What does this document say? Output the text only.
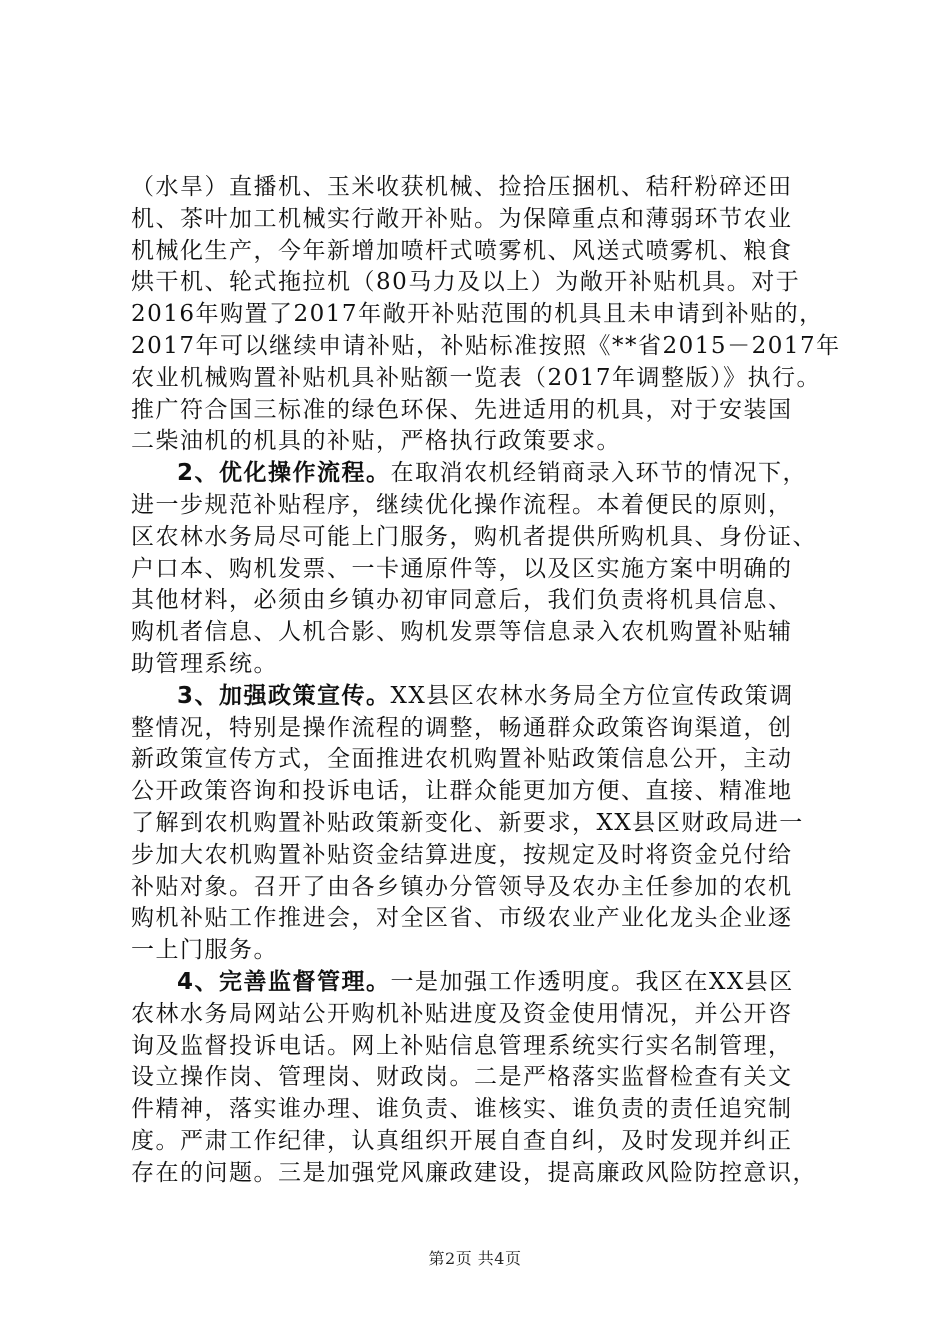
（水旱）直播机、玉米收获机械、捡拾压捆机、秸秆粉碎还田
机、茶叶加工机械实行敞开补贴。为保障重点和薄弱环节农业
机械化生产，今年新增加喷杆式喷雾机、风送式喷雾机、粮食
烘干机、轮式拖拉机（80马力及以上）为敞开补贴机具。对于
2016年购置了2017年敞开补贴范围的机具且未申请到补贴的，
2017年可以继续申请补贴，补贴标准按照《**省2015－2017年
农业机械购置补贴机具补贴额一览表（2017年调整版）》执行。
推广符合国三标准的绿色环保、先进适用的机具，对于安装国
二柴油机的机具的补贴，严格执行政策要求。
2、优化操作流程。在取消农机经销商录入环节的情况下，
进一步规范补贴程序，继续优化操作流程。本着便民的原则，
区农林水务局尽可能上门服务，购机者提供所购机具、身份证、
户口本、购机发票、一卡通原件等，以及区实施方案中明确的
其他材料，必须由乡镇办初审同意后，我们负责将机具信息、
购机者信息、人机合影、购机发票等信息录入农机购置补贴辅
助管理系统。
3、加强政策宣传。XX县区农林水务局全方位宣传政策调
整情况，特别是操作流程的调整，畅通群众政策咨询渠道，创
新政策宣传方式，全面推进农机购置补贴政策信息公开，主动
公开政策咨询和投诉电话，让群众能更加方便、直接、精准地
了解到农机购置补贴政策新变化、新要求，XX县区财政局进一
步加大农机购置补贴资金结算进度，按规定及时将资金兑付给
补贴对象。召开了由各乡镇办分管领导及农办主任参加的农机
购机补贴工作推进会，对全区省、市级农业产业化龙头企业逐
一上门服务。
4、完善监督管理。一是加强工作透明度。我区在XX县区
农林水务局网站公开购机补贴进度及资金使用情况，并公开咨
询及监督投诉电话。网上补贴信息管理系统实行实名制管理，
设立操作岗、管理岗、财政岗。二是严格落实监督检查有关文
件精神，落实谁办理、谁负责、谁核实、谁负责的责任追究制
度。严肃工作纪律，认真组织开展自查自纠，及时发现并纠正
存在的问题。三是加强党风廉政建设，提高廉政风险防控意识，
第2页 共4页
